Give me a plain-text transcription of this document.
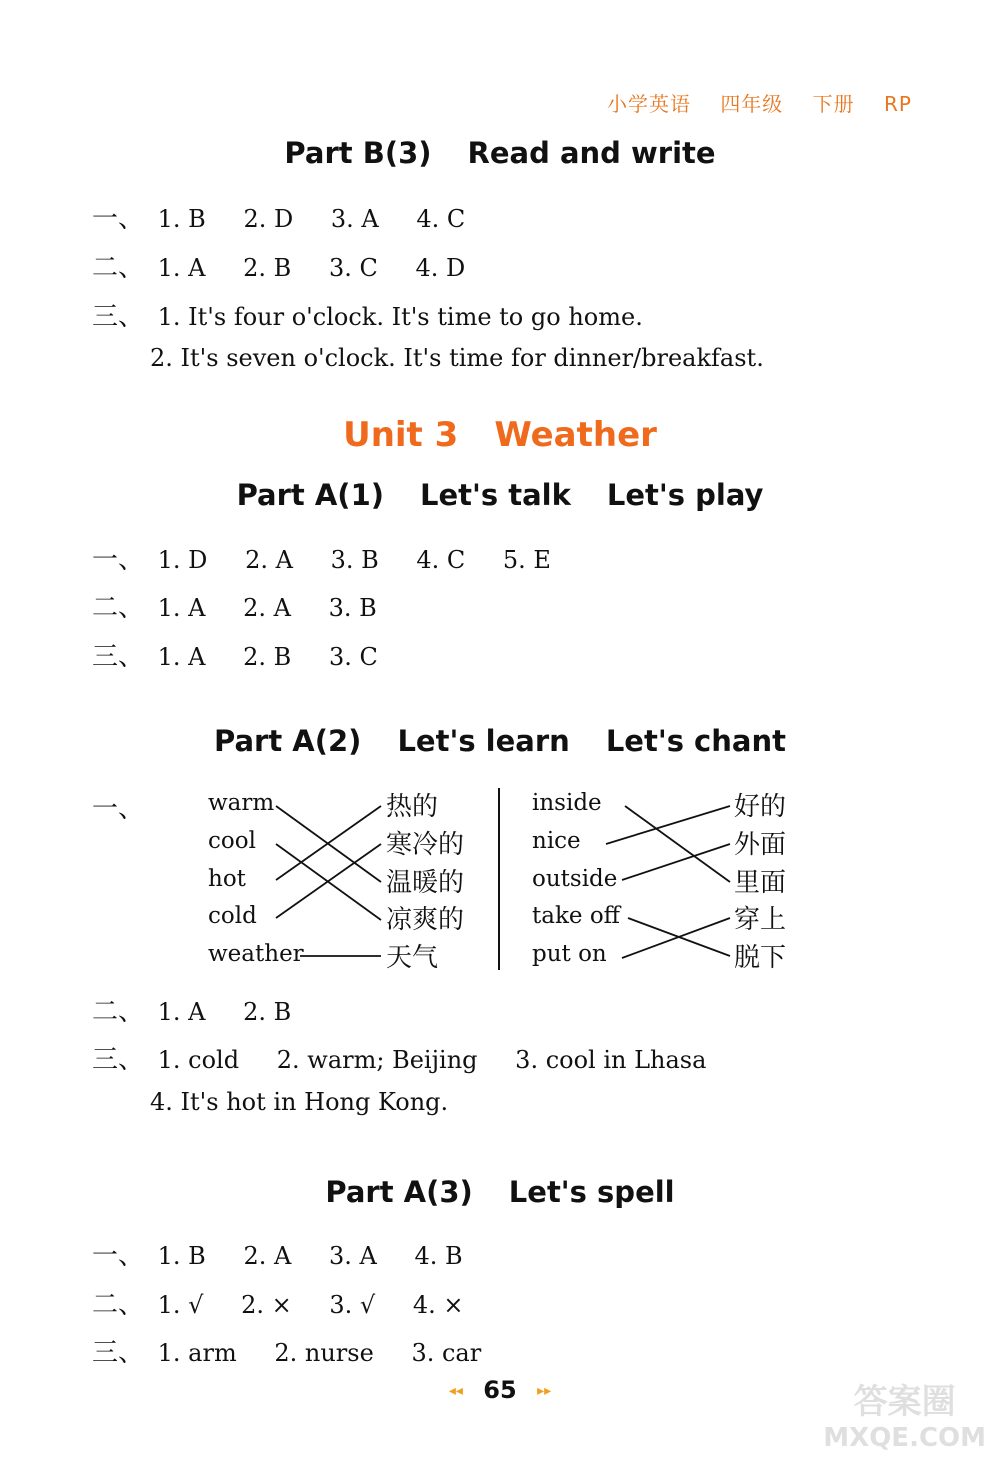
小学英语 四年级 下册 RP
Part B(3) Read and write
一、 1. B 2. D 3. A 4. C
二、 1. A 2. B 3. C 4. D
三、 1. It's four o'clock. It's time to go home.
2. It's seven o'clock. It's time for dinner/breakfast.
Unit 3 Weather
Part A(1) Let's talk Let's play
一、 1. D 2. A 3. B 4. C 5. E
二、 1. A 2. A 3. B
三、 1. A 2. B 3. C
Part A(2) Let's learn Let's chant
一、	warm
cool
hot
cold
weather
热的
寒冷的
温暖的
凉爽的
天气
inside
nice
outside
take off
put on
好的
外面
里面
穿上
脱下
二、 1. A 2. B
三、 1. cold 2. warm; Beijing 3. cool in Lhasa
4. It's hot in Hong Kong.
Part A(3) Let's spell
一、 1. B 2. A 3. A 4. B
二、 1. √ 2. × 3. √ 4. ×
三、 1. arm 2. nurse 3. car
◂◂ 65 ▸▸	答案圈
MXQE.COM
